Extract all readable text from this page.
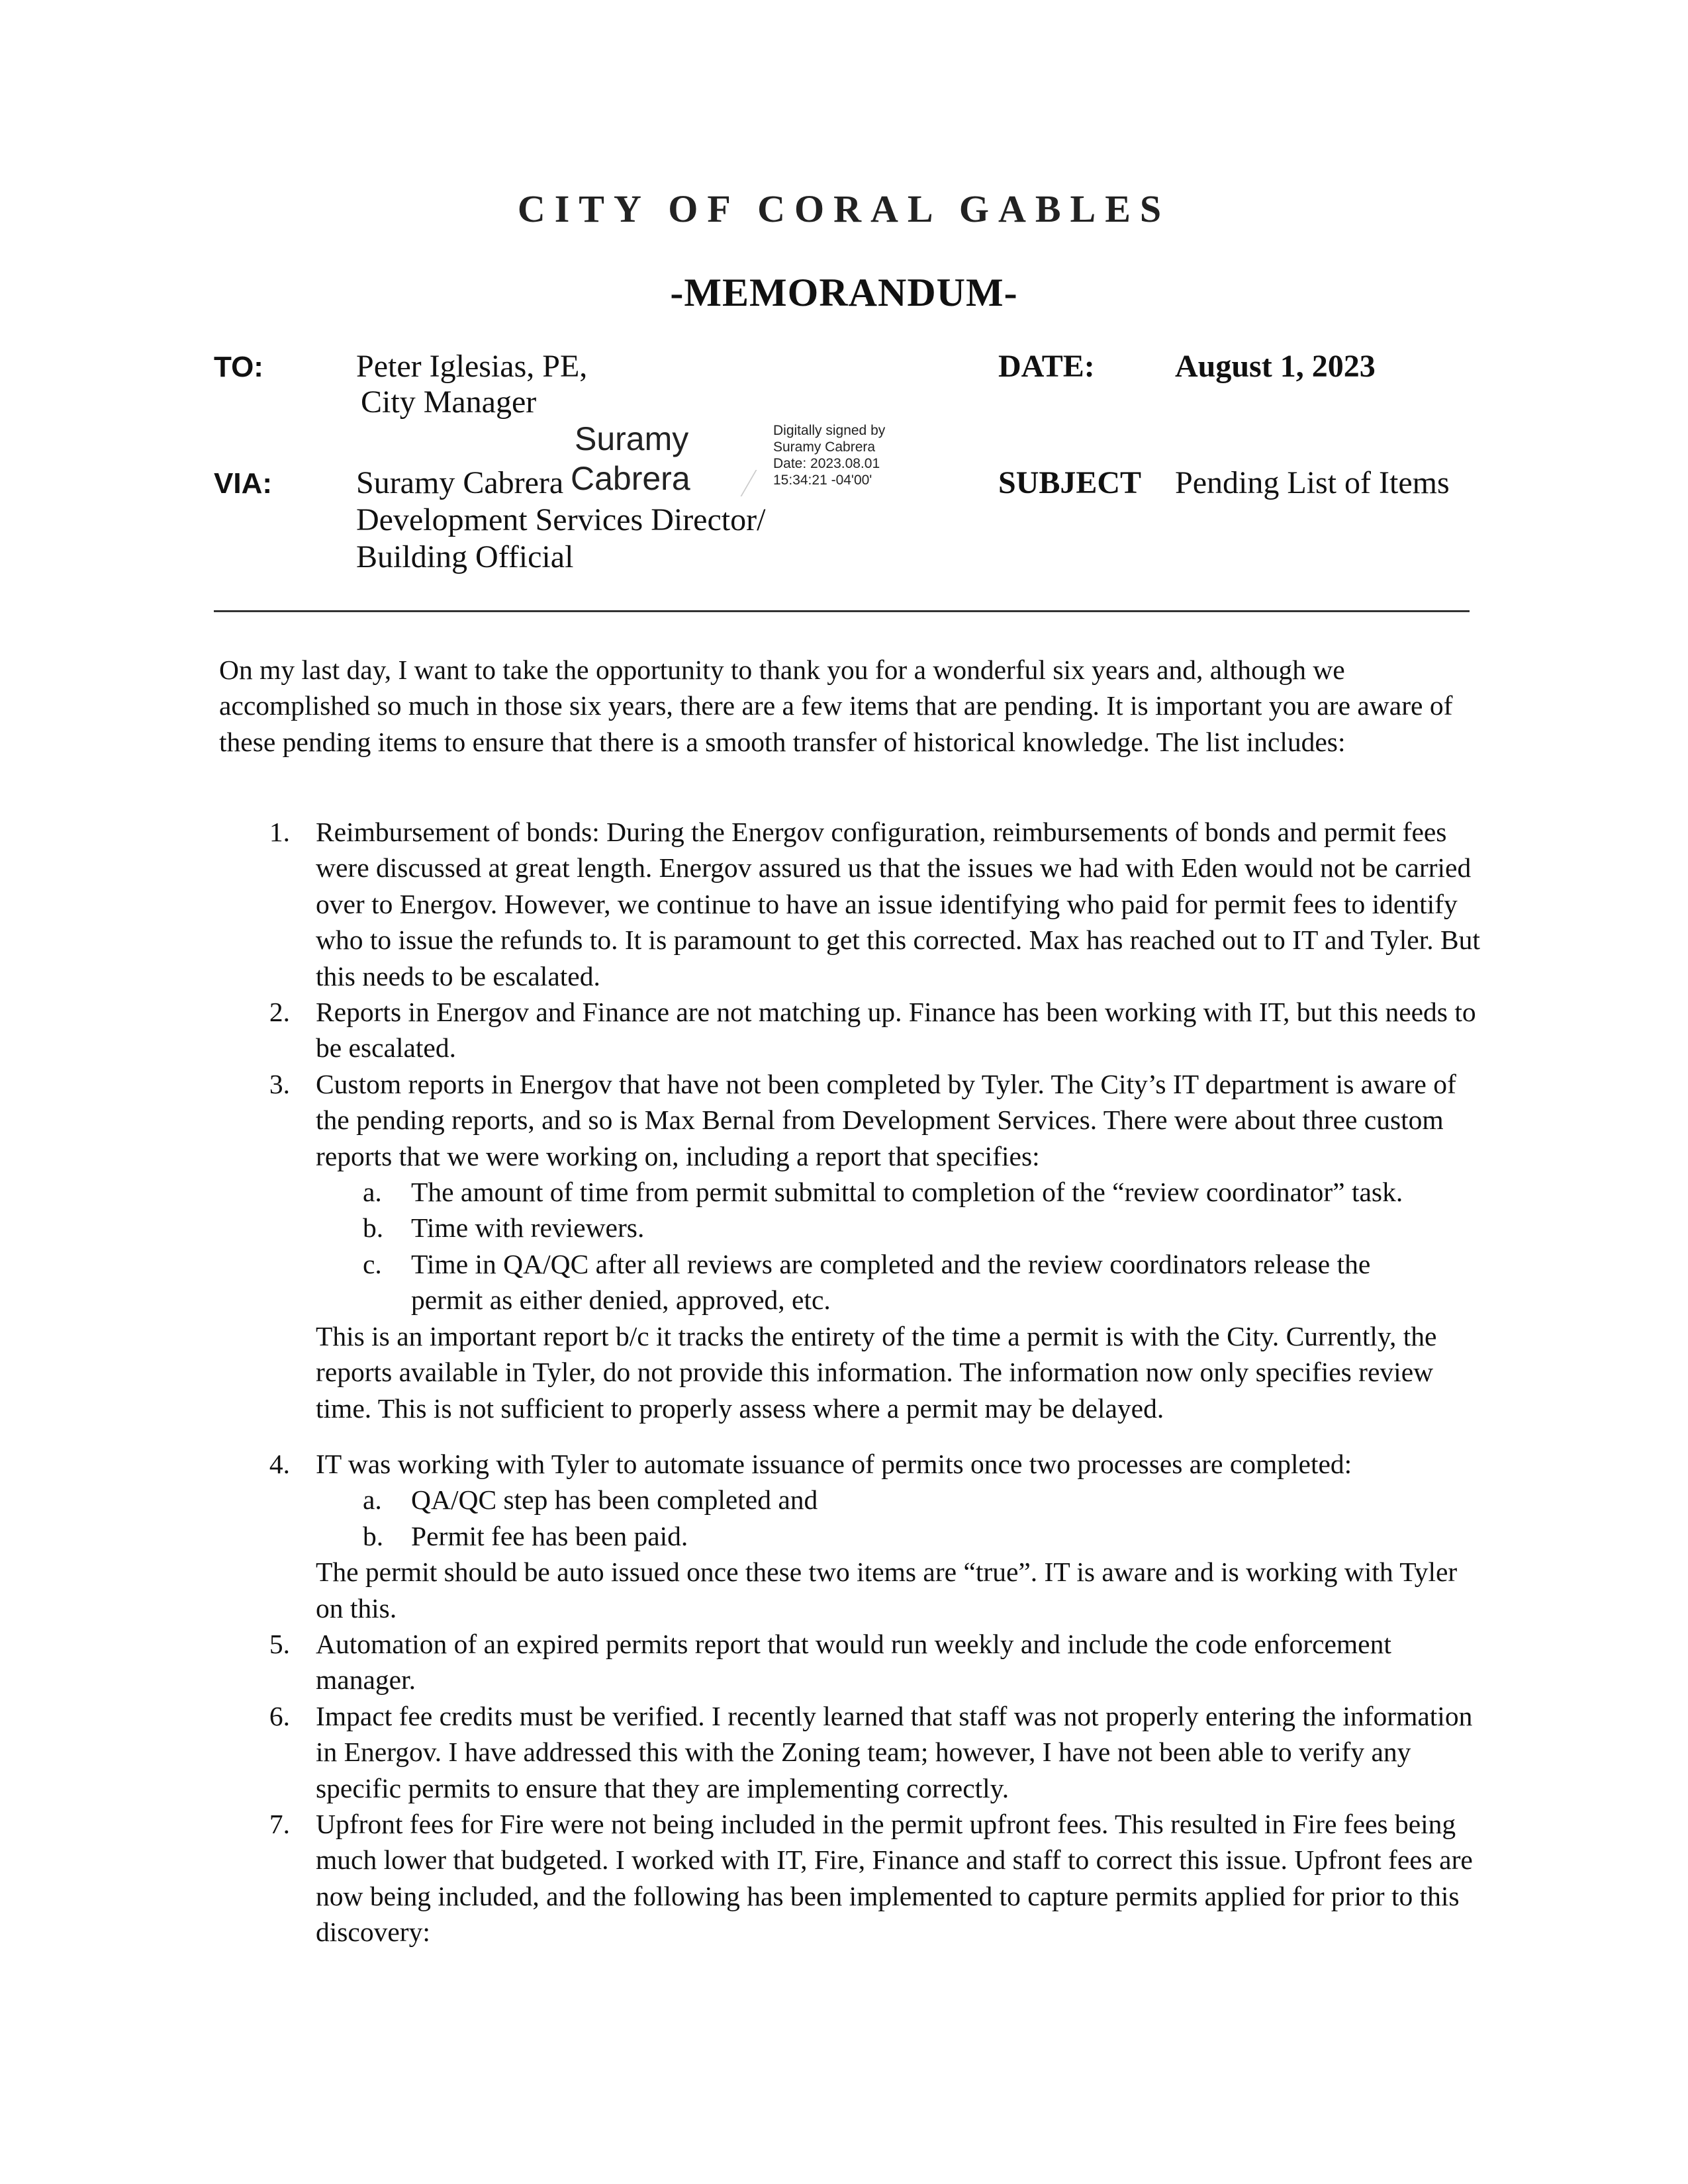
CITY OF CORAL GABLES
-MEMORANDUM-
TO:	Peter Iglesias, PE,
City Manager
VIA:	Suramy Cabrera
Development Services Director/
Building Official
Suramy
Cabrera
Digitally signed by
Suramy Cabrera
Date: 2023.08.01
15:34:21 -04'00'
DATE:	August 1, 2023
SUBJECT Pending List of Items
On my last day, I want to take the opportunity to thank you for a wonderful six years and, although we accomplished so much in those six years, there are a few items that are pending. It is important you are aware of these pending items to ensure that there is a smooth transfer of historical knowledge. The list includes:
1. Reimbursement of bonds: During the Energov configuration, reimbursements of bonds and permit fees were discussed at great length. Energov assured us that the issues we had with Eden would not be carried over to Energov. However, we continue to have an issue identifying who paid for permit fees to identify who to issue the refunds to. It is paramount to get this corrected. Max has reached out to IT and Tyler. But this needs to be escalated.
2. Reports in Energov and Finance are not matching up. Finance has been working with IT, but this needs to be escalated.
3. Custom reports in Energov that have not been completed by Tyler. The City’s IT department is aware of the pending reports, and so is Max Bernal from Development Services. There were about three custom reports that we were working on, including a report that specifies:
a. The amount of time from permit submittal to completion of the “review coordinator” task.
b. Time with reviewers.
c. Time in QA/QC after all reviews are completed and the review coordinators release the permit as either denied, approved, etc.
This is an important report b/c it tracks the entirety of the time a permit is with the City. Currently, the reports available in Tyler, do not provide this information. The information now only specifies review time. This is not sufficient to properly assess where a permit may be delayed.
4. IT was working with Tyler to automate issuance of permits once two processes are completed:
a. QA/QC step has been completed and
b. Permit fee has been paid.
The permit should be auto issued once these two items are “true”. IT is aware and is working with Tyler on this.
5. Automation of an expired permits report that would run weekly and include the code enforcement manager.
6. Impact fee credits must be verified. I recently learned that staff was not properly entering the information in Energov. I have addressed this with the Zoning team; however, I have not been able to verify any specific permits to ensure that they are implementing correctly.
7. Upfront fees for Fire were not being included in the permit upfront fees. This resulted in Fire fees being much lower that budgeted. I worked with IT, Fire, Finance and staff to correct this issue. Upfront fees are now being included, and the following has been implemented to capture permits applied for prior to this discovery:
